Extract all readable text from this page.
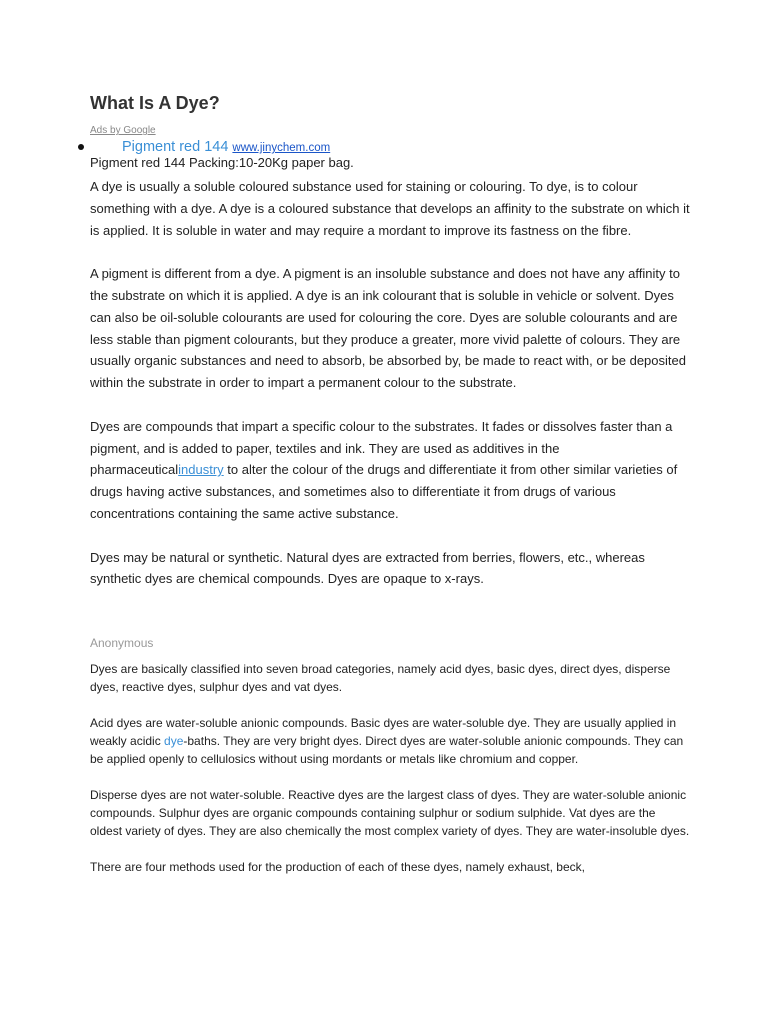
What Is A Dye?
Ads by Google
Pigment red 144 www.jinychem.com
Pigment red 144 Packing:10-20Kg paper bag.

A dye is usually a soluble coloured substance used for staining or colouring. To dye, is to colour something with a dye. A dye is a coloured substance that develops an affinity to the substrate on which it is applied. It is soluble in water and may require a mordant to improve its fastness on the fibre.

A pigment is different from a dye. A pigment is an insoluble substance and does not have any affinity to the substrate on which it is applied. A dye is an ink colourant that is soluble in vehicle or solvent. Dyes can also be oil-soluble colourants are used for colouring the core. Dyes are soluble colourants and are less stable than pigment colourants, but they produce a greater, more vivid palette of colours. They are usually organic substances and need to absorb, be absorbed by, be made to react with, or be deposited within the substrate in order to impart a permanent colour to the substrate.

Dyes are compounds that impart a specific colour to the substrates. It fades or dissolves faster than a pigment, and is added to paper, textiles and ink. They are used as additives in the pharmaceuticalindustry to alter the colour of the drugs and differentiate it from other similar varieties of drugs having active substances, and sometimes also to differentiate it from drugs of various concentrations containing the same active substance.

Dyes may be natural or synthetic. Natural dyes are extracted from berries, flowers, etc., whereas synthetic dyes are chemical compounds. Dyes are opaque to x-rays.

Anonymous

Dyes are basically classified into seven broad categories, namely acid dyes, basic dyes, direct dyes, disperse dyes, reactive dyes, sulphur dyes and vat dyes.

Acid dyes are water-soluble anionic compounds. Basic dyes are water-soluble dye. They are usually applied in weakly acidic dye-baths. They are very bright dyes. Direct dyes are water-soluble anionic compounds. They can be applied openly to cellulosics without using mordants or metals like chromium and copper.

Disperse dyes are not water-soluble. Reactive dyes are the largest class of dyes. They are water-soluble anionic compounds. Sulphur dyes are organic compounds containing sulphur or sodium sulphide. Vat dyes are the oldest variety of dyes. They are also chemically the most complex variety of dyes. They are water-insoluble dyes.

There are four methods used for the production of each of these dyes, namely exhaust, beck,
